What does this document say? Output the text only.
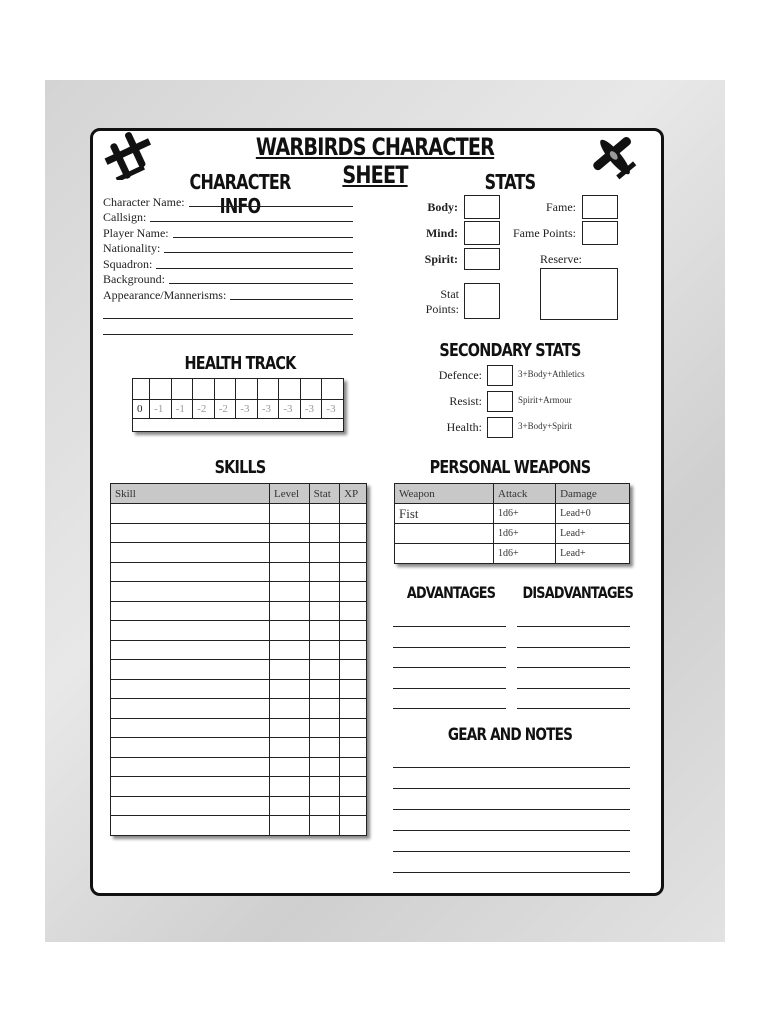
WARBIRDS CHARACTER SHEET
CHARACTER INFO
Character Name:
Callsign:
Player Name:
Nationality:
Squadron:
Background:
Appearance/Mannerisms:
STATS
Body:
Mind:
Spirit:
Stat Points:
Fame:
Fame Points:
Reserve:
HEALTH TRACK

0	-1	-1	-2	-2	-3	-3	-3	-3	-3

SECONDARY STATS
Defence:	3+Body+Athletics
Resist:	Spirit+Armour
Health:	3+Body+Spirit
SKILLS
Skill	Level	Stat	XP

PERSONAL WEAPONS
Weapon	Attack	Damage
Fist	1d6+	Lead+0
	1d6+	Lead+
	1d6+	Lead+
ADVANTAGES DISADVANTAGES
GEAR AND NOTES
